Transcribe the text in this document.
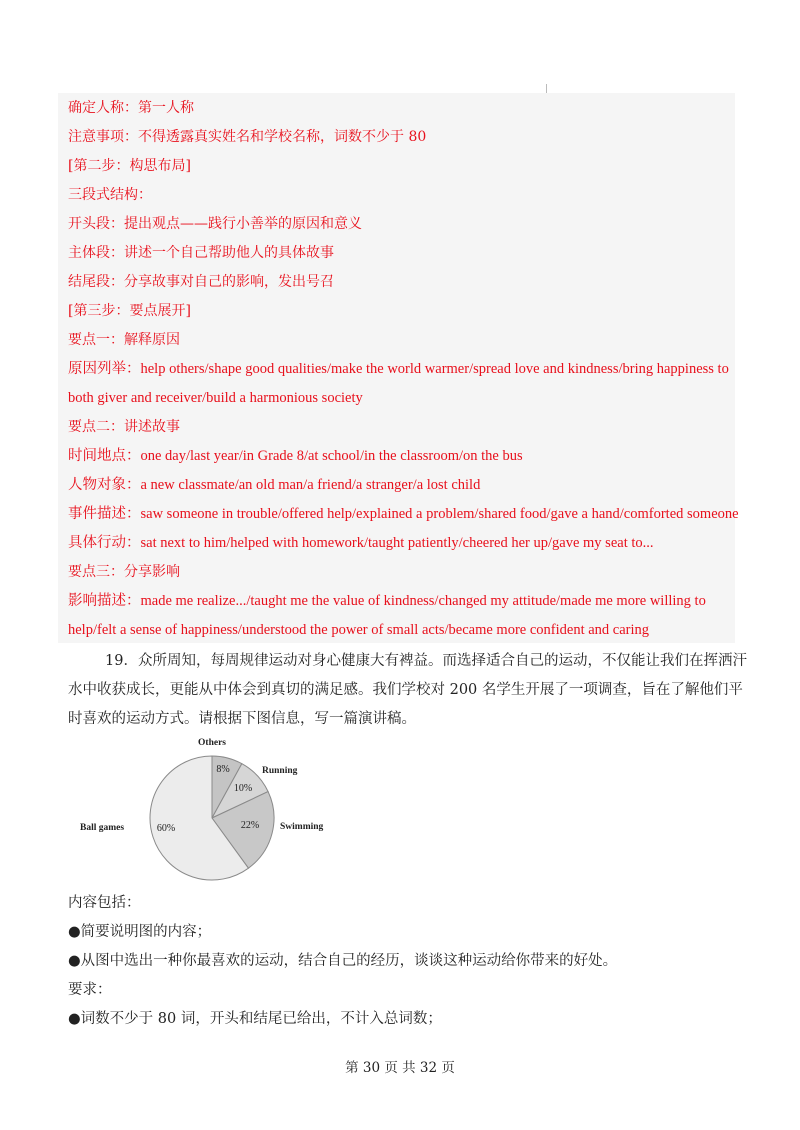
确定人称：第一人称
注意事项：不得透露真实姓名和学校名称，词数不少于 80
[第二步：构思布局]
三段式结构：
开头段：提出观点——践行小善举的原因和意义
主体段：讲述一个自己帮助他人的具体故事
结尾段：分享故事对自己的影响，发出号召
[第三步：要点展开]
要点一：解释原因
原因列举：help others/shape good qualities/make the world warmer/spread love and kindness/bring happiness to
both giver and receiver/build a harmonious society
要点二：讲述故事
时间地点：one day/last year/in Grade 8/at school/in the classroom/on the bus
人物对象：a new classmate/an old man/a friend/a stranger/a lost child
事件描述：saw someone in trouble/offered help/explained a problem/shared food/gave a hand/comforted someone
具体行动：sat next to him/helped with homework/taught patiently/cheered her up/gave my seat to...
要点三：分享影响
影响描述：made me realize.../taught me the value of kindness/changed my attitude/made me more willing to
help/felt a sense of happiness/understood the power of small acts/became more confident and caring
19．众所周知，每周规律运动对身心健康大有裨益。而选择适合自己的运动，不仅能让我们在挥洒汗
水中收获成长，更能从中体会到真切的满足感。我们学校对 200 名学生开展了一项调查，旨在了解他们平
时喜欢的运动方式。请根据下图信息，写一篇演讲稿。
8%
Others
10%
Running
22% Swimming
60%
Ball games
内容包括：
●简要说明图的内容；
●从图中选出一种你最喜欢的运动，结合自己的经历，谈谈这种运动给你带来的好处。
要求：
●词数不少于 80 词，开头和结尾已给出，不计入总词数；
第 30 页 共 32 页
